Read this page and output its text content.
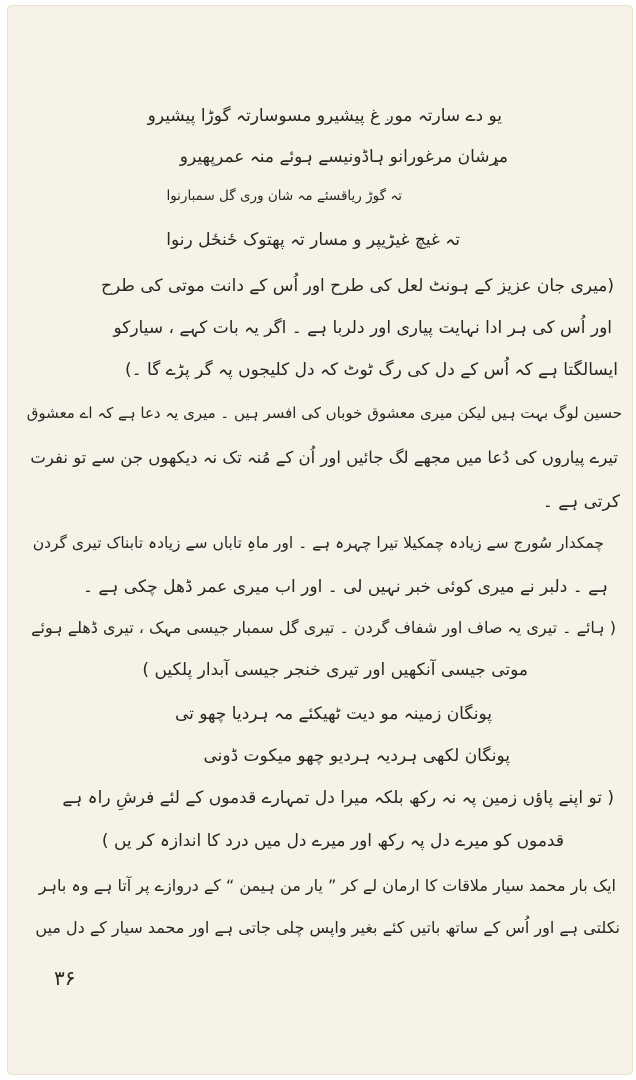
یو دے سارتہ موږ غ پیشیرو مسوسارتہ گوڑا پیشیرو
مړشان مرغورانو ہاڈونیسے ہوئے منہ عمرپھیرو
تہ گوڑ ریاقسئے مہ شان وری گل سمبارنوا
تہ غیچ غیڑیپر و مسار تہ پھتوک ځنځل رنوا
(میری جان عزیز کے ہونٹ لعل کی طرح اور اُس کے دانت موتی کی طرح
اور اُس کی ہر ادا نہایت پیاری اور دلربا ہے ۔ اگر یہ بات کہے ، سیارکو
ایسالگتا ہے کہ اُس کے دل کی رگ ٹوٹ کہ دل کلیجوں پہ گر پڑے گا ۔)
حسین لوگ بہت ہیں لیکن میری معشوق خوباں کی افسر ہیں ۔ میری یہ دعا ہے کہ اے معشوق
تیرے پیاروں کی دُعا میں مجھے لگ جائیں اور اُن کے مُنہ تک نہ دیکھوں جن سے تو نفرت
کرتی ہے ۔
چمکدار سُورج سے زیادہ چمکیلا تیرا چہرہ ہے ۔ اور ماہِ تاباں سے زیادہ تابناک تیری گردن
ہے ۔ دلبر نے میری کوئی خبر نہیں لی ۔ اور اب میری عمر ڈھل چکی ہے ۔
( ہائے ۔ تیری یہ صاف اور شفاف گردن ۔ تیری گل سمبار جیسی مہک ، تیری ڈھلے ہوئے
موتی جیسی آنکھیں اور تیری خنجر جیسی آبدار پلکیں )
پونگان زمینہ مو دیت ٹھیکئے مہ ہردیا چھو تی
پونگان لکھی ہردیہ ہردیو چھو میکوت ڈونی
( تو اپنے پاؤں زمین پہ نہ رکھ بلکہ میرا دل تمہارے قدموں کے لئے فرشِ راہ ہے
قدموں کو میرے دل پہ رکھ اور میرے دل میں درد کا اندازہ کر یں )
ایک بار محمد سیار ملاقات کا ارمان لے کر ” یار من ہیمن “ کے دروازے پر آتا ہے وہ باہر
نکلتی ہے اور اُس کے ساتھ باتیں کئے بغیر واپس چلی جاتی ہے اور محمد سیار کے دل میں
۳۶
